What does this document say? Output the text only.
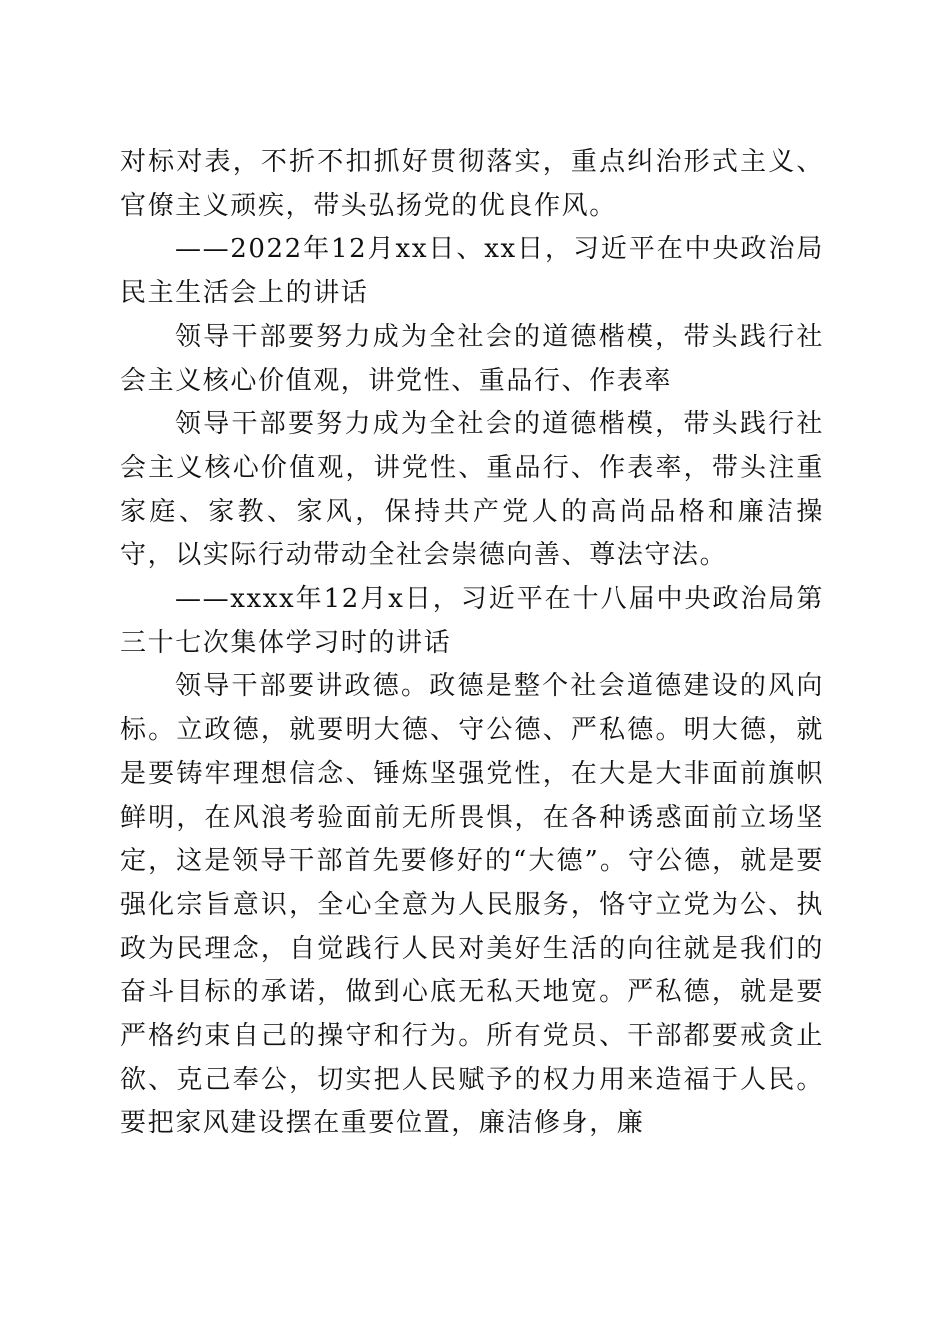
对标对表，不折不扣抓好贯彻落实，重点纠治形式主义、官僚主义顽疾，带头弘扬党的优良作风。

——2022年12月xx日、xx日，习近平在中央政治局民主生活会上的讲话

领导干部要努力成为全社会的道德楷模，带头践行社会主义核心价值观，讲党性、重品行、作表率

领导干部要努力成为全社会的道德楷模，带头践行社会主义核心价值观，讲党性、重品行、作表率，带头注重家庭、家教、家风，保持共产党人的高尚品格和廉洁操守，以实际行动带动全社会崇德向善、尊法守法。

——xxxx年12月x日，习近平在十八届中央政治局第三十七次集体学习时的讲话

领导干部要讲政德。政德是整个社会道德建设的风向标。立政德，就要明大德、守公德、严私德。明大德，就是要铸牢理想信念、锤炼坚强党性，在大是大非面前旗帜鲜明，在风浪考验面前无所畏惧，在各种诱惑面前立场坚定，这是领导干部首先要修好的“大德”。守公德，就是要强化宗旨意识，全心全意为人民服务，恪守立党为公、执政为民理念，自觉践行人民对美好生活的向往就是我们的奋斗目标的承诺，做到心底无私天地宽。严私德，就是要严格约束自己的操守和行为。所有党员、干部都要戒贪止欲、克己奉公，切实把人民赋予的权力用来造福于人民。要把家风建设摆在重要位置，廉洁修身，廉
